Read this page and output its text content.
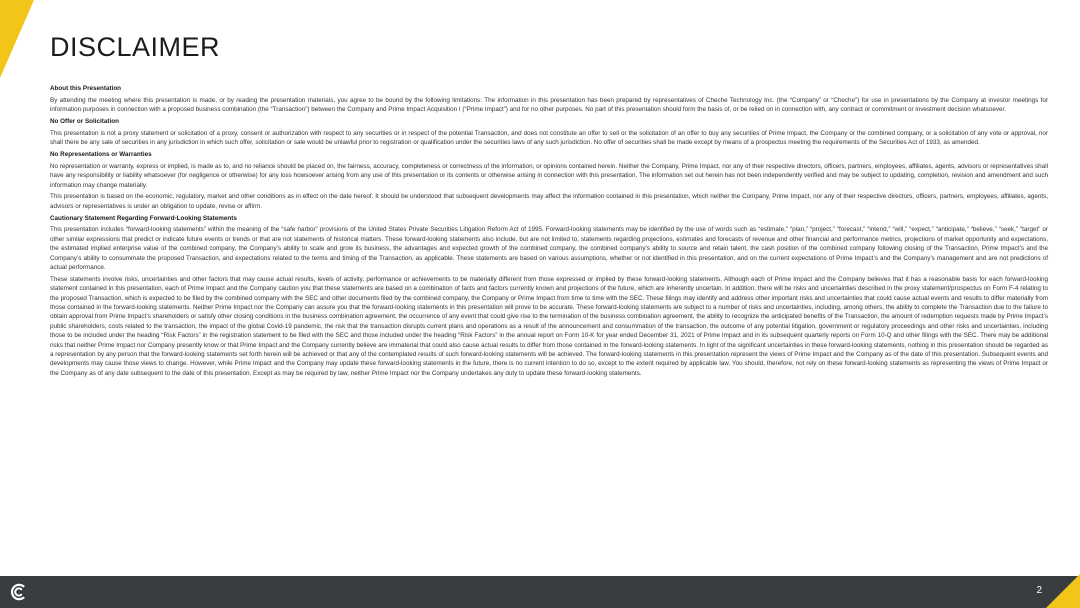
DISCLAIMER
About this Presentation

By attending the meeting where this presentation is made, or by reading the presentation materials, you agree to be bound by the following limitations: The information in this presentation has been prepared by representatives of Cheche Technology Inc. (the “Company” or “Cheche”) for use in presentations by the Company at investor meetings for information purposes in connection with a proposed business combination (the “Transaction”) between the Company and Prime Impact Acquisition I (“Prime Impact”) and for no other purposes. No part of this presentation should form the basis of, or be relied on in connection with, any contract or commitment or investment decision whatsoever.

No Offer or Solicitation

This presentation is not a proxy statement or solicitation of a proxy, consent or authorization with respect to any securities or in respect of the potential Transaction, and does not constitute an offer to sell or the solicitation of an offer to buy any securities of Prime Impact, the Company or the combined company, or a solicitation of any vote or approval, nor shall there be any sale of securities in any jurisdiction in which such offer, solicitation or sale would be unlawful prior to registration or qualification under the securities laws of any such jurisdiction. No offer of securities shall be made except by means of a prospectus meeting the requirements of the Securities Act of 1933, as amended.

No Representations or Warranties

No representation or warranty, express or implied, is made as to, and no reliance should be placed on, the fairness, accuracy, completeness or correctness of the information, or opinions contained herein. Neither the Company, Prime Impact, nor any of their respective directors, officers, partners, employees, affiliates, agents, advisors or representatives shall have any responsibility or liability whatsoever (for negligence or otherwise) for any loss howsoever arising from any use of this presentation or its contents or otherwise arising in connection with this presentation. The information set out herein has not been independently verified and may be subject to updating, completion, revision and amendment and such information may change materially.

This presentation is based on the economic, regulatory, market and other conditions as in effect on the date hereof. It should be understood that subsequent developments may affect the information contained in this presentation, which neither the Company, Prime Impact, nor any of their respective directors, officers, partners, employees, affiliates, agents, advisors or representatives is under an obligation to update, revise or affirm.

Cautionary Statement Regarding Forward-Looking Statements

This presentation includes “forward-looking statements” within the meaning of the “safe harbor” provisions of the United States Private Securities Litigation Reform Act of 1995. Forward-looking statements may be identified by the use of words such as “estimate,” “plan,” “project,” “forecast,” “intend,” “will,” “expect,” “anticipate,” “believe,” “seek,” “target” or other similar expressions that predict or indicate future events or trends or that are not statements of historical matters. These forward-looking statements also include, but are not limited to, statements regarding projections, estimates and forecasts of revenue and other financial and performance metrics, projections of market opportunity and expectations, the estimated implied enterprise value of the combined company, the Company’s ability to scale and grow its business, the advantages and expected growth of the combined company, the combined company’s ability to source and retain talent, the cash position of the combined company following closing of the Transaction, Prime Impact’s and the Company’s ability to consummate the proposed Transaction, and expectations related to the terms and timing of the Transaction, as applicable. These statements are based on various assumptions, whether or not identified in this presentation, and on the current expectations of Prime Impact’s and the Company’s management and are not predictions of actual performance.

These statements involve risks, uncertainties and other factors that may cause actual results, levels of activity, performance or achievements to be materially different from those expressed or implied by these forward-looking statements. Although each of Prime Impact and the Company believes that it has a reasonable basis for each forward-looking statement contained in this presentation, each of Prime Impact and the Company caution you that these statements are based on a combination of facts and factors currently known and projections of the future, which are inherently uncertain. In addition, there will be risks and uncertainties described in the proxy statement/prospectus on Form F-4 relating to the proposed Transaction, which is expected to be filed by the combined company with the SEC and other documents filed by the combined company, the Company or Prime Impact from time to time with the SEC. These filings may identify and address other important risks and uncertainties that could cause actual events and results to differ materially from those contained in the forward-looking statements. Neither Prime Impact nor the Company can assure you that the forward-looking statements in this presentation will prove to be accurate. These forward-looking statements are subject to a number of risks and uncertainties, including, among others, the ability to complete the Transaction due to the failure to obtain approval from Prime Impact’s shareholders or satisfy other closing conditions in the business combination agreement, the occurrence of any event that could give rise to the termination of the business combination agreement, the ability to recognize the anticipated benefits of the Transaction, the amount of redemption requests made by Prime Impact’s public shareholders, costs related to the transaction, the impact of the global Covid-19 pandemic, the risk that the transaction disrupts current plans and operations as a result of the announcement and consummation of the transaction, the outcome of any potential litigation, government or regulatory proceedings and other risks and uncertainties, including those to be included under the heading “Risk Factors” in the registration statement to be filed with the SEC and those included under the heading “Risk Factors” in the annual report on Form 10-K for year ended December 31, 2021 of Prime Impact and in its subsequent quarterly reports on Form 10-Q and other filings with the SEC. There may be additional risks that neither Prime Impact nor Company presently know or that Prime Impact and the Company currently believe are immaterial that could also cause actual results to differ from those contained in the forward-looking statements. In light of the significant uncertainties in these forward-looking statements, nothing in this presentation should be regarded as a representation by any person that the forward-looking statements set forth herein will be achieved or that any of the contemplated results of such forward-looking statements will be achieved. The forward-looking statements in this presentation represent the views of Prime Impact and the Company as of the date of this presentation. Subsequent events and developments may cause those views to change. However, while Prime Impact and the Company may update these forward-looking statements in the future, there is no current intention to do so, except to the extent required by applicable law. You should, therefore, not rely on these forward-looking statements as representing the views of Prime Impact or the Company as of any date subsequent to the date of this presentation. Except as may be required by law, neither Prime Impact nor the Company undertakes any duty to update these forward-looking statements.

2
